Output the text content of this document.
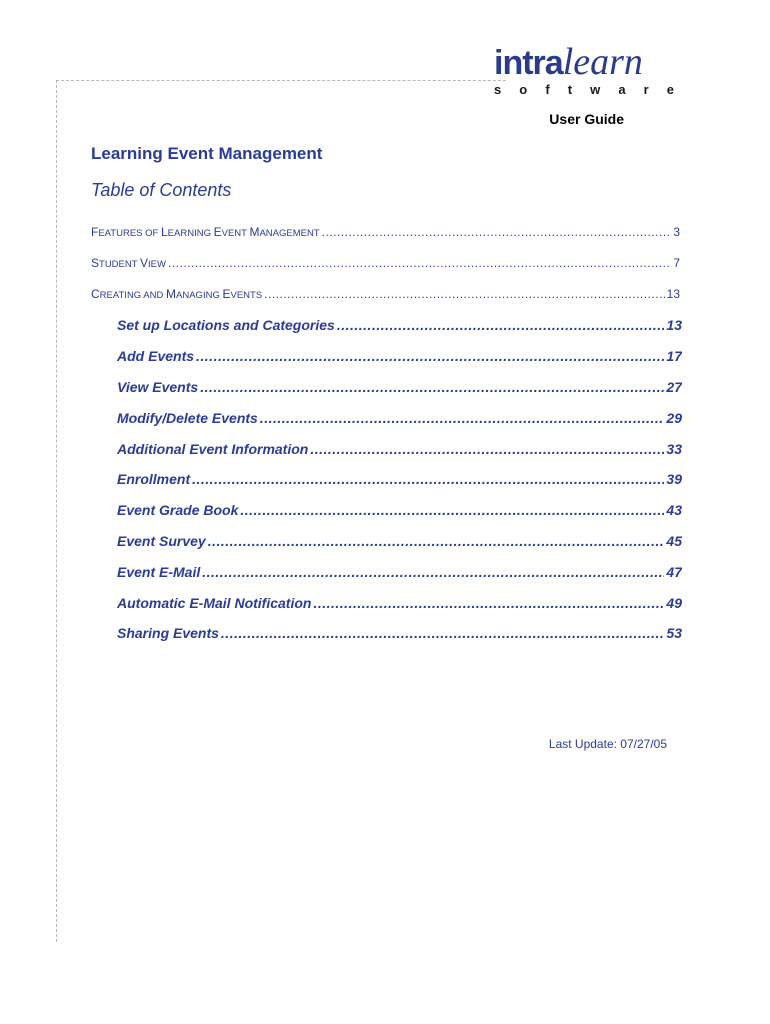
intralearn
s o f t w a r e
User Guide
Learning Event Management
Table of Contents
FEATURES OF LEARNING EVENT MANAGEMENT .....	3
STUDENT VIEW .....	7
CREATING AND MANAGING EVENTS .....	13
Set up Locations and Categories .....	13
Add Events .....	17
View Events .....	27
Modify/Delete Events .....	29
Additional Event Information .....	33
Enrollment .....	39
Event Grade Book .....	43
Event Survey .....	45
Event E-Mail .....	47
Automatic E-Mail Notification .....	49
Sharing Events .....	53
Last Update: 07/27/05
